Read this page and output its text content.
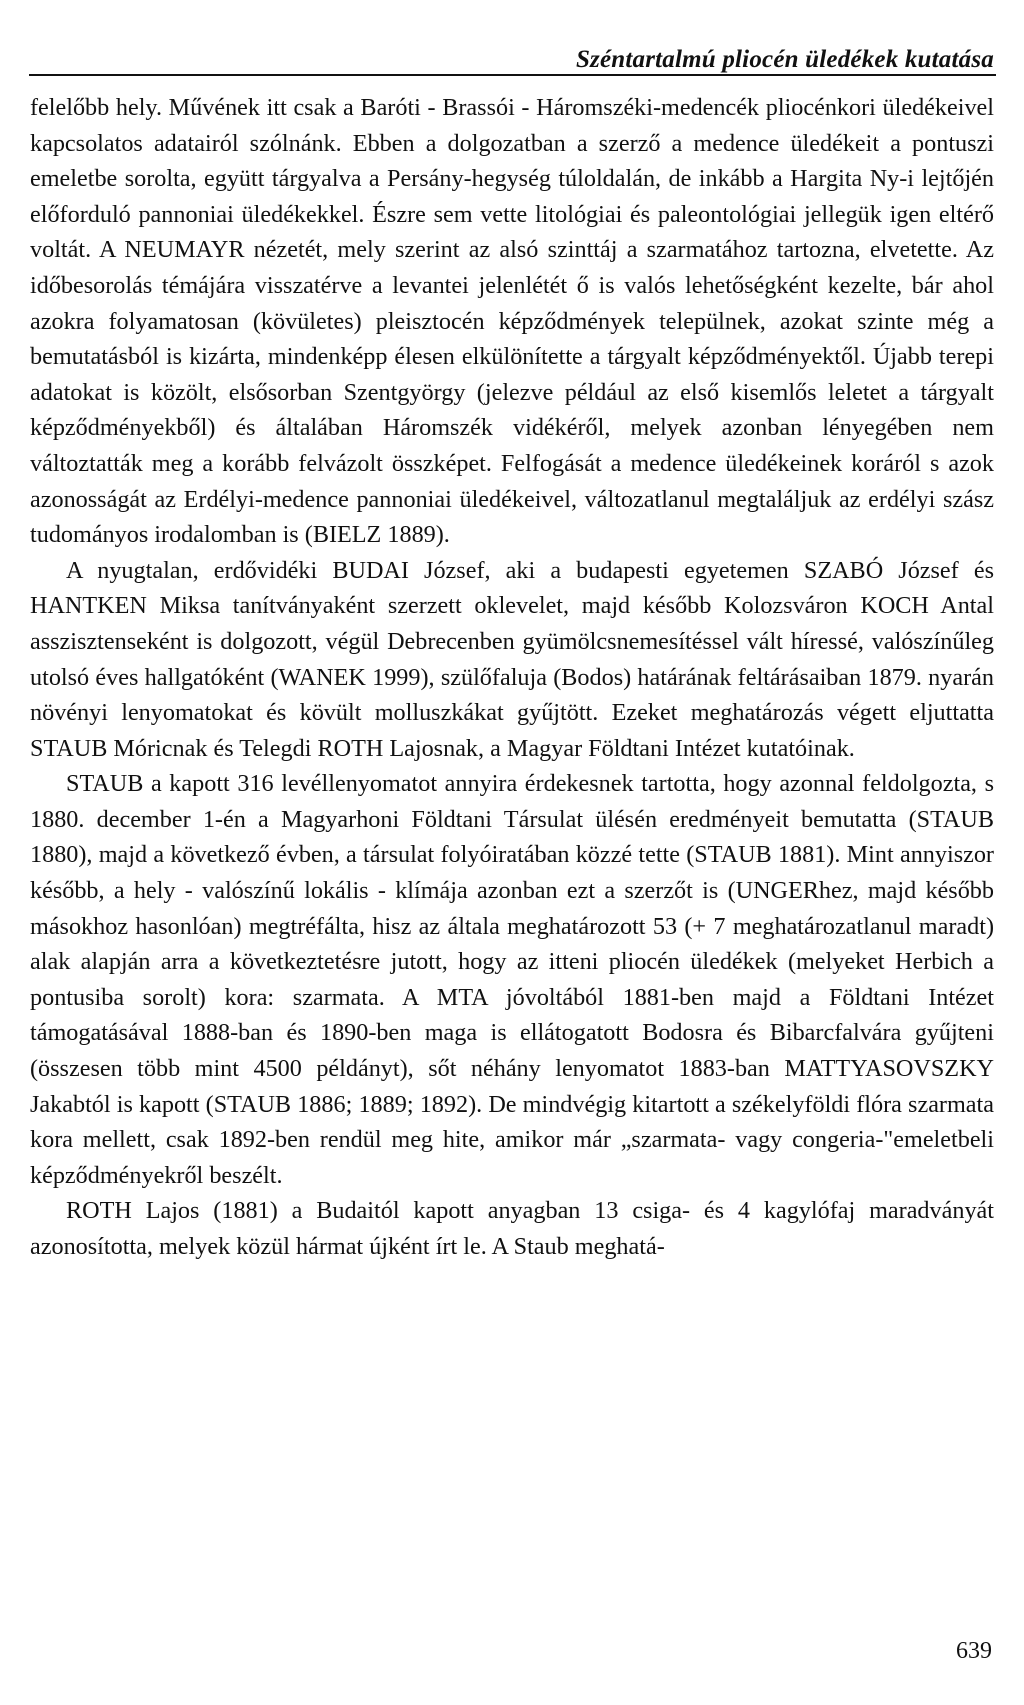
Széntartalmú pliocén üledékek kutatása

felelőbb hely. Művének itt csak a Baróti - Brassói - Háromszéki-medencék pliocénkori üledékeivel kapcsolatos adatairól szólnánk. Ebben a dolgozatban a szerző a medence üledékeit a pontuszi emeletbe sorolta, együtt tárgyalva a Persány-hegység túloldalán, de inkább a Hargita Ny-i lejtőjén előforduló pannoniai üledékekkel. Észre sem vette litológiai és paleontológiai jellegük igen eltérő voltát. A NEUMAYR nézetét, mely szerint az alsó szinttáj a szarmatához tartozna, elvetette. Az időbesorolás témájára visszatérve a levantei jelenlétét ő is valós lehetőségként kezelte, bár ahol azokra folyamatosan (kövületes) pleisztocén képződmények települnek, azokat szinte még a bemutatásból is kizárta, mindenképp élesen elkülönítette a tárgyalt képződményektől. Újabb terepi adatokat is közölt, elsősorban Szentgyörgy (jelezve például az első kisemlős leletet a tárgyalt képződményekből) és általában Háromszék vidékéről, melyek azonban lényegében nem változtatták meg a korább felvázolt összképet. Felfogását a medence üledékeinek koráról s azok azonosságát az Erdélyi-medence pannoniai üledékeivel, változatlanul megtaláljuk az erdélyi szász tudományos irodalomban is (BIELZ 1889).

A nyugtalan, erdővidéki BUDAI József, aki a budapesti egyetemen SZABÓ József és HANTKEN Miksa tanítványaként szerzett oklevelet, majd később Kolozsváron KOCH Antal asszisztenseként is dolgozott, végül Debrecenben gyümölcsnemesítéssel vált híressé, valószínűleg utolsó éves hallgatóként (WANEK 1999), szülőfaluja (Bodos) határának feltárásaiban 1879. nyarán növényi lenyomatokat és kövült molluszkákat gyűjtött. Ezeket meghatározás végett eljuttatta STAUB Móricnak és Telegdi ROTH Lajosnak, a Magyar Földtani Intézet kutatóinak.

STAUB a kapott 316 levéllenyomatot annyira érdekesnek tartotta, hogy azonnal feldolgozta, s 1880. december 1-én a Magyarhoni Földtani Társulat ülésén eredményeit bemutatta (STAUB 1880), majd a következő évben, a társulat folyóiratában közzé tette (STAUB 1881). Mint annyiszor később, a hely - valószínű lokális - klímája azonban ezt a szerzőt is (UNGERhez, majd később másokhoz hasonlóan) megtréfálta, hisz az általa meghatározott 53 (+ 7 meghatározatlanul maradt) alak alapján arra a következtetésre jutott, hogy az itteni pliocén üledékek (melyeket Herbich a pontusiba sorolt) kora: szarmata. A MTA jóvoltából 1881-ben majd a Földtani Intézet támogatásával 1888-ban és 1890-ben maga is ellátogatott Bodosra és Bibarcfalvára gyűjteni (összesen több mint 4500 példányt), sőt néhány lenyomatot 1883-ban MATTYASOVSZKY Jakabtól is kapott (STAUB 1886; 1889; 1892). De mindvégig kitartott a székelyföldi flóra szarmata kora mellett, csak 1892-ben rendül meg hite, amikor már „szarmata- vagy congeria-"emeletbeli képződményekről beszélt.

ROTH Lajos (1881) a Budaitól kapott anyagban 13 csiga- és 4 kagylófaj maradványát azonosította, melyek közül hármat újként írt le. A Staub meghatá-

639
